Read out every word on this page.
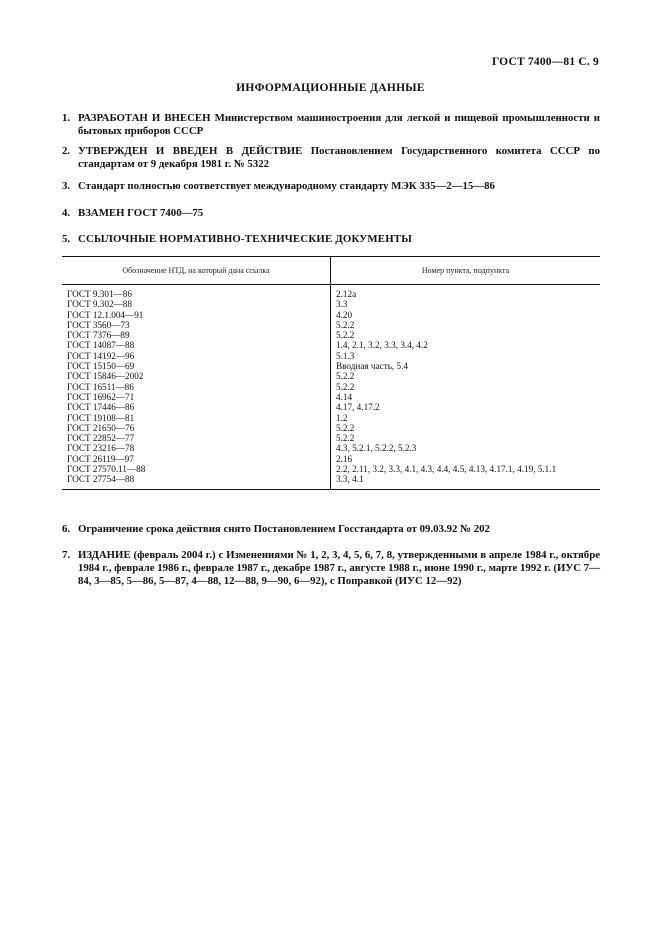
ГОСТ 7400—81 С. 9
ИНФОРМАЦИОННЫЕ ДАННЫЕ
1. РАЗРАБОТАН И ВНЕСЕН Министерством машиностроения для легкой и пищевой промышленности и бытовых приборов СССР
2. УТВЕРЖДЕН И ВВЕДЕН В ДЕЙСТВИЕ Постановлением Государственного комитета СССР по стандартам от 9 декабря 1981 г. № 5322
3. Стандарт полностью соответствует международному стандарту МЭК 335—2—15—86
4. ВЗАМЕН ГОСТ 7400—75
5. ССЫЛОЧНЫЕ НОРМАТИВНО-ТЕХНИЧЕСКИЕ ДОКУМЕНТЫ
Обозначение НТД, на который дана ссылка	Номер пункта, подпункта
ГОСТ 9.301—86	2.12а
ГОСТ 9.302—88	3.3
ГОСТ 12.1.004—91	4.20
ГОСТ 3560—73	5.2.2
ГОСТ 7376—89	5.2.2
ГОСТ 14087—88	1.4, 2.1, 3.2, 3.3, 3.4, 4.2
ГОСТ 14192—96	5.1.3
ГОСТ 15150—69	Вводная часть, 5.4
ГОСТ 15846—2002	5.2.2
ГОСТ 16511—86	5.2.2
ГОСТ 16962—71	4.14
ГОСТ 17446—86	4.17, 4.17.2
ГОСТ 19108—81	1.2
ГОСТ 21650—76	5.2.2
ГОСТ 22852—77	5.2.2
ГОСТ 23216—78	4.3, 5.2.1, 5.2.2, 5.2.3
ГОСТ 26119—97	2.16
ГОСТ 27570.11—88	2.2, 2.11, 3.2, 3.3, 4.1, 4.3, 4.4, 4.5, 4.13, 4.17.1, 4.19, 5.1.1
ГОСТ 27754—88	3.3, 4.1
6. Ограничение срока действия снято Постановлением Госстандарта от 09.03.92 № 202
7. ИЗДАНИЕ (февраль 2004 г.) с Изменениями № 1, 2, 3, 4, 5, 6, 7, 8, утвержденными в апреле 1984 г., октябре 1984 г., феврале 1986 г., феврале 1987 г., декабре 1987 г., августе 1988 г., июне 1990 г., марте 1992 г. (ИУС 7—84, 3—85, 5—86, 5—87, 4—88, 12—88, 9—90, 6—92), с Поправкой (ИУС 12—92)
